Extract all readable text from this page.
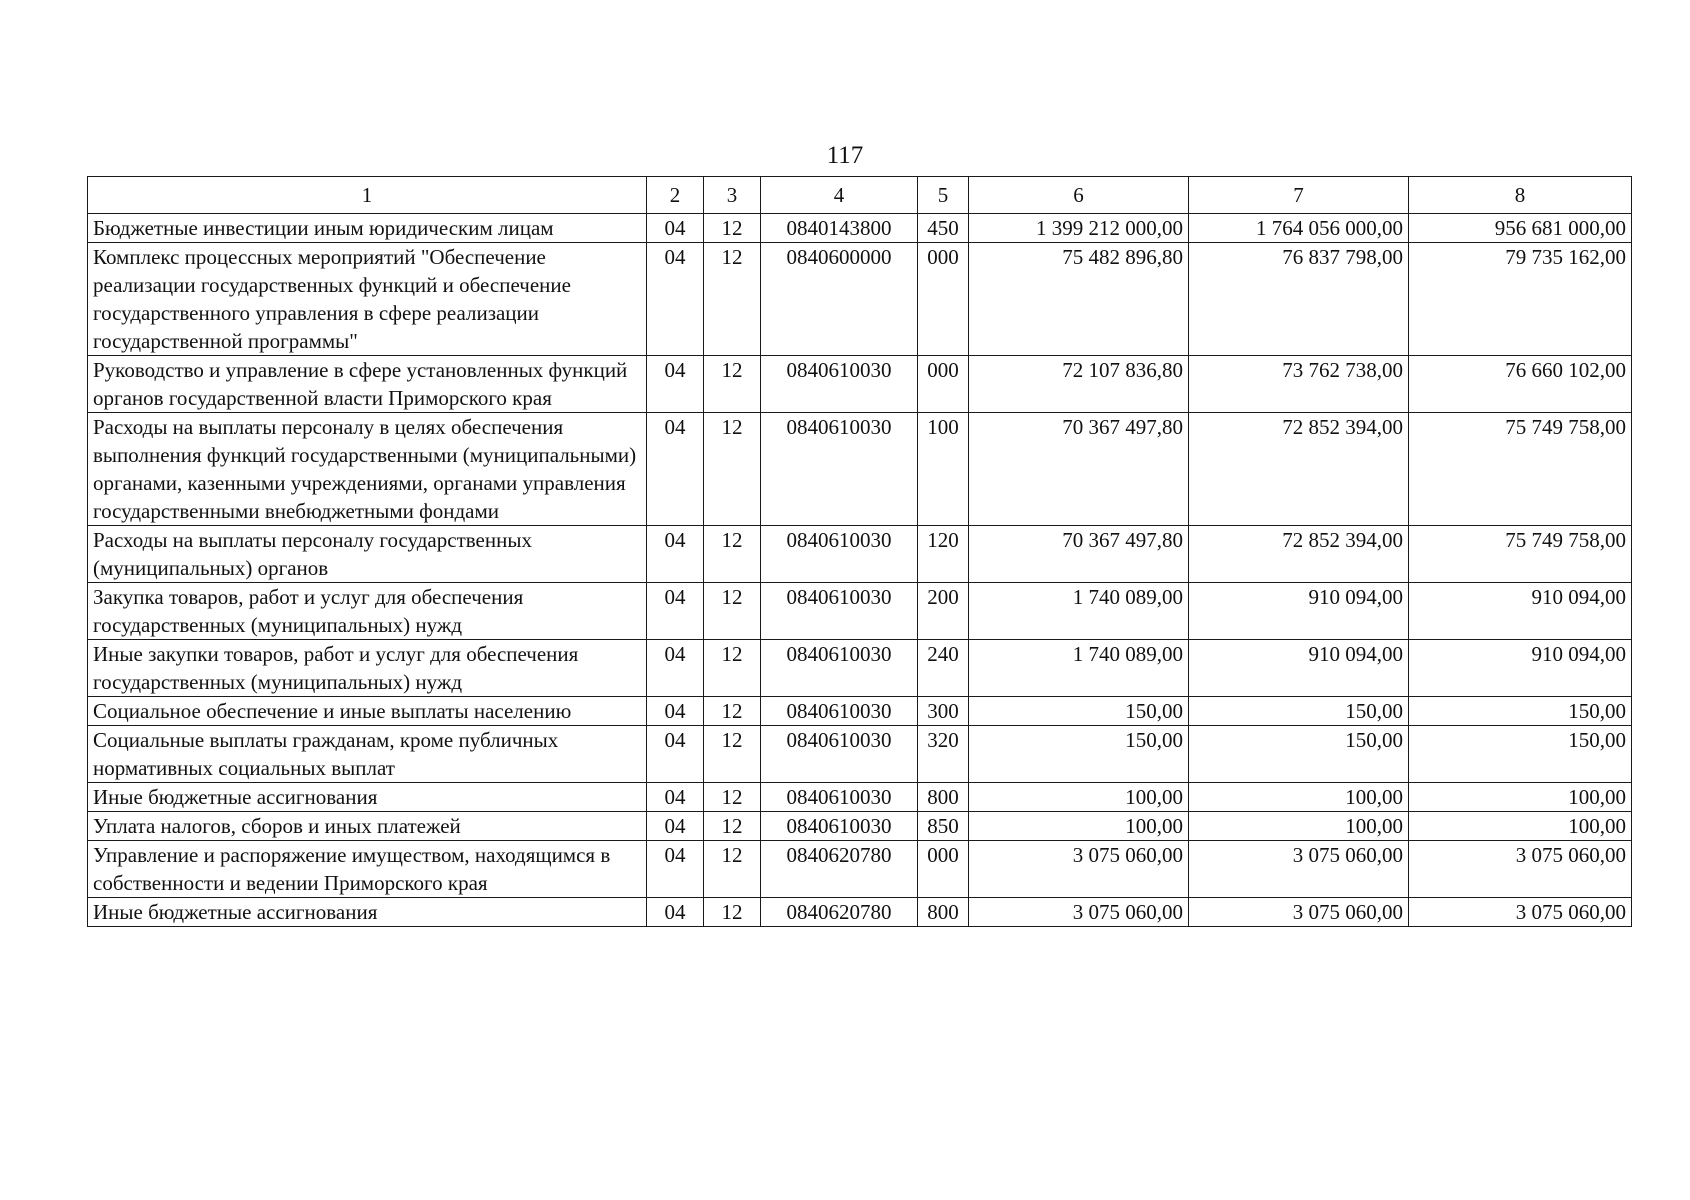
117
1	2	3	4	5	6	7	8
Бюджетные инвестиции иным юридическим лицам	04	12	0840143800	450	1 399 212 000,00	1 764 056 000,00	956 681 000,00
Комплекс процессных мероприятий "Обеспечение реализации государственных функций и обеспечение государственного управления в сфере реализации государственной программы"	04	12	0840600000	000	75 482 896,80	76 837 798,00	79 735 162,00
Руководство и управление в сфере установленных функций органов государственной власти Приморского края	04	12	0840610030	000	72 107 836,80	73 762 738,00	76 660 102,00
Расходы на выплаты персоналу в целях обеспечения выполнения функций государственными (муниципальными) органами, казенными учреждениями, органами управления государственными внебюджетными фондами	04	12	0840610030	100	70 367 497,80	72 852 394,00	75 749 758,00
Расходы на выплаты персоналу государственных (муниципальных) органов	04	12	0840610030	120	70 367 497,80	72 852 394,00	75 749 758,00
Закупка товаров, работ и услуг для обеспечения государственных (муниципальных) нужд	04	12	0840610030	200	1 740 089,00	910 094,00	910 094,00
Иные закупки товаров, работ и услуг для обеспечения государственных (муниципальных) нужд	04	12	0840610030	240	1 740 089,00	910 094,00	910 094,00
Социальное обеспечение и иные выплаты населению	04	12	0840610030	300	150,00	150,00	150,00
Социальные выплаты гражданам, кроме публичных нормативных социальных выплат	04	12	0840610030	320	150,00	150,00	150,00
Иные бюджетные ассигнования	04	12	0840610030	800	100,00	100,00	100,00
Уплата налогов, сборов и иных платежей	04	12	0840610030	850	100,00	100,00	100,00
Управление и распоряжение имуществом, находящимся в собственности и ведении Приморского края	04	12	0840620780	000	3 075 060,00	3 075 060,00	3 075 060,00
Иные бюджетные ассигнования	04	12	0840620780	800	3 075 060,00	3 075 060,00	3 075 060,00
